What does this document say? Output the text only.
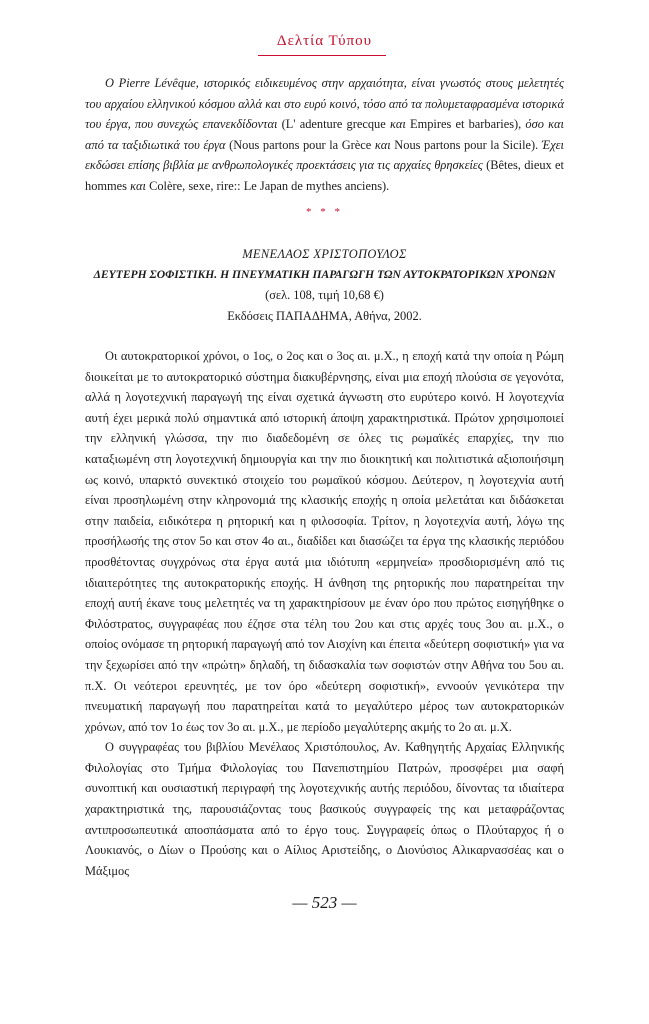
Δελτία Τύπου

Ο Pierre Lévêque, ιστορικός ειδικευμένος στην αρχαιότητα, είναι γνωστός στους μελετητές του αρχαίου ελληνικού κόσμου αλλά και στο ευρύ κοινό, τόσο από τα πολυμεταφρασμένα ιστορικά του έργα, που συνεχώς επανεκδίδονται (L' adenture grecque και Empires et barbaries), όσο και από τα ταξιδιωτικά του έργα (Nous partons pour la Grèce και Nous partons pour la Sicile). Έχει εκδώσει επίσης βιβλία με ανθρωπολογικές προεκτάσεις για τις αρχαίες θρησκείες (Bêtes, dieux et hommes και Colère, sexe, rire:: Le Japan de mythes anciens).

* * *
ΜΕΝΕΛΑΟΣ ΧΡΙΣΤΟΠΟΥΛΟΣ
ΔΕΥΤΕΡΗ ΣΟΦΙΣΤΙΚΗ. Η ΠΝΕΥΜΑΤΙΚΗ ΠΑΡΑΓΩΓΗ ΤΩΝ ΑΥΤΟΚΡΑΤΟΡΙΚΩΝ ΧΡΟΝΩΝ
(σελ. 108, τιμή 10,68 €)
Εκδόσεις ΠΑΠΑΔΗΜΑ, Αθήνα, 2002.

Οι αυτοκρατορικοί χρόνοι, ο 1ος, ο 2ος και ο 3ος αι. μ.Χ., η εποχή κατά την οποία η Ρώμη διοικείται με το αυτοκρατορικό σύστημα διακυβέρνησης, είναι μια εποχή πλούσια σε γεγονότα, αλλά η λογοτεχνική παραγωγή της είναι σχετικά άγνωστη στο ευρύτερο κοινό. Η λογοτεχνία αυτή έχει μερικά πολύ σημαντικά από ιστορική άποψη χαρακτηριστικά. Πρώτον χρησιμοποιεί την ελληνική γλώσσα, την πιο διαδεδομένη σε όλες τις ρωμαϊκές επαρχίες, την πιο καταξιωμένη στη λογοτεχνική δημιουργία και την πιο διοικητική και πολιτιστικά αξιοποιήσιμη ως κοινό, υπαρκτό συνεκτικό στοιχείο του ρωμαϊκού κόσμου. Δεύτερον, η λογοτεχνία αυτή είναι προσηλωμένη στην κληρονομιά της κλασικής εποχής η οποία μελετάται και διδάσκεται στην παιδεία, ειδικότερα η ρητορική και η φιλοσοφία. Τρίτον, η λογοτεχνία αυτή, λόγω της προσήλωσής της στον 5ο και στον 4ο αι., διαδίδει και διασώζει τα έργα της κλασικής περιόδου προσθέτοντας συγχρόνως στα έργα αυτά μια ιδιότυπη «ερμηνεία» προσδιορισμένη από τις ιδιαιτερότητες της αυτοκρατορικής εποχής. Η άνθηση της ρητορικής που παρατηρείται την εποχή αυτή έκανε τους μελετητές να τη χαρακτηρίσουν με έναν όρο που πρώτος εισηγήθηκε ο Φιλόστρατος, συγγραφέας που έζησε στα τέλη του 2ου και στις αρχές τους 3ου αι. μ.Χ., ο οποίος ονόμασε τη ρητορική παραγωγή από τον Αισχίνη και έπειτα «δεύτερη σοφιστική» για να την ξεχωρίσει από την «πρώτη» δηλαδή, τη διδασκαλία των σοφιστών στην Αθήνα του 5ου αι. π.Χ. Οι νεότεροι ερευνητές, με τον όρο «δεύτερη σοφιστική», εννοούν γενικότερα την πνευματική παραγωγή που παρατηρείται κατά το μεγαλύτερο μέρος των αυτοκρατορικών χρόνων, από τον 1ο έως τον 3ο αι. μ.Χ., με περίοδο μεγαλύτερης ακμής το 2ο αι. μ.Χ.

Ο συγγραφέας του βιβλίου Μενέλαος Χριστόπουλος, Αν. Καθηγητής Αρχαίας Ελληνικής Φιλολογίας στο Τμήμα Φιλολογίας του Πανεπιστημίου Πατρών, προσφέρει μια σαφή συνοπτική και ουσιαστική περιγραφή της λογοτεχνικής αυτής περιόδου, δίνοντας τα ιδιαίτερα χαρακτηριστικά της, παρουσιάζοντας τους βασικούς συγγραφείς της και μεταφράζοντας αντιπροσωπευτικά αποσπάσματα από το έργο τους. Συγγραφείς όπως ο Πλούταρχος ή ο Λουκιανός, ο Δίων ο Προύσης και ο Αίλιος Αριστείδης, ο Διονύσιος Αλικαρνασσέας και ο Μάξιμος

— 523 —
